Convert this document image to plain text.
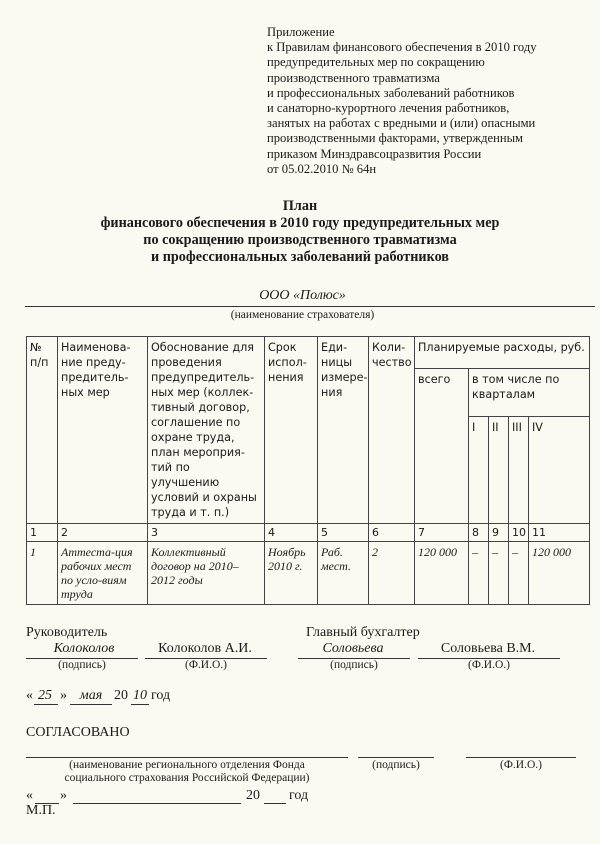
Приложение
к Правилам финансового обеспечения в 2010 году
предупредительных мер по сокращению
производственного травматизма
и профессиональных заболеваний работников
и санаторно-курортного лечения работников,
занятых на работах с вредными и (или) опасными
производственными факторами, утвержденным
приказом Минздравсоцразвития России
от 05.02.2010 № 64н
План
финансового обеспечения в 2010 году предупредительных мер
по сокращению производственного травматизма
и профессиональных заболеваний работников
ООО «Полюс»
(наименование страхователя)
№ п/п	Наименова-ние преду-предитель-ных мер	Обоснование для проведения предупредитель-ных мер (коллек-тивный договор, соглашение по охране труда, план мероприя-тий по улучшению условий и охраны труда и т. п.)	Срок испол-нения	Еди-ницы измере-ния	Коли-чество	Планируемые расходы, руб.				
						всего	в том числе по кварталам			
							I	II	III	IV
1	2	3	4	5	6	7	8	9	10	11
1	Аттеста-ция рабочих мест по усло-виям труда	Коллективный договор на 2010–2012 годы	Ноябрь 2010 г.	Раб. мест.	2	120 000	–	–	–	120 000
Руководитель
Колоколов
(подпись)
Колоколов А.И.
(Ф.И.О.)
Главный бухгалтер
Соловьева
(подпись)
Соловьева В.М.
(Ф.И.О.)
« 25 » мая 20 10 год
СОГЛАСОВАНО
(наименование регионального отделения Фонда
социального страхования Российской Федерации)
(подпись)	(Ф.И.О.)
« »	20 год
М.П.
